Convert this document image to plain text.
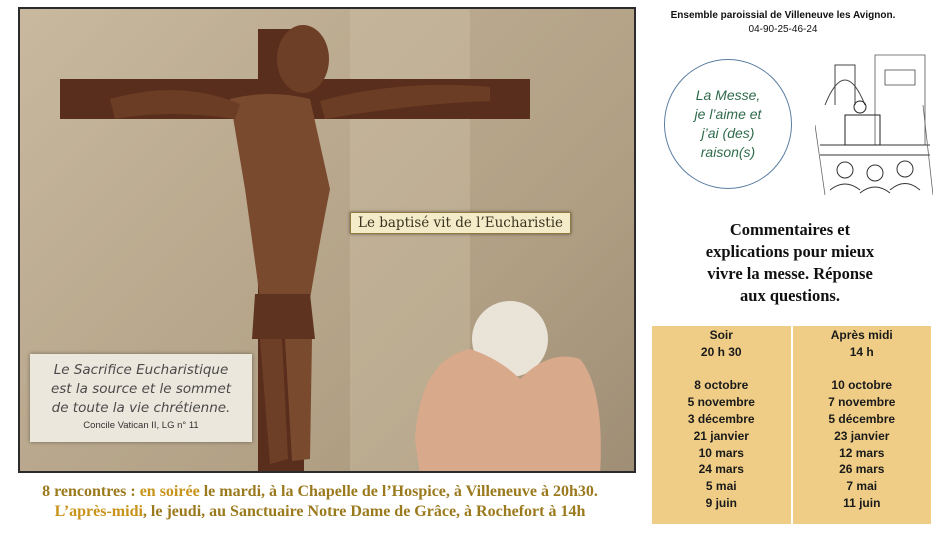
Le baptisé vit de l’Eucharistie
Le Sacrifice Eucharistique
est la source et le sommet
de toute la vie chrétienne.
Concile Vatican II, LG n° 11
8 rencontres : en soirée le mardi, à la Chapelle de l’Hospice, à Villeneuve à 20h30.
L’après-midi, le jeudi, au Sanctuaire Notre Dame de Grâce, à Rochefort à 14h
Ensemble paroissial de Villeneuve les Avignon.
04-90-25-46-24
La Messe,
je l’aime et
j’ai (des)
raison(s)
Commentaires et
explications pour mieux
vivre la messe. Réponse
aux questions.
Soir
20 h 30
8 octobre
5 novembre
3 décembre
21 janvier
10 mars
24 mars
5 mai
9 juin
Après midi
14 h
10 octobre
7 novembre
5 décembre
23 janvier
12 mars
26 mars
7 mai
11 juin
